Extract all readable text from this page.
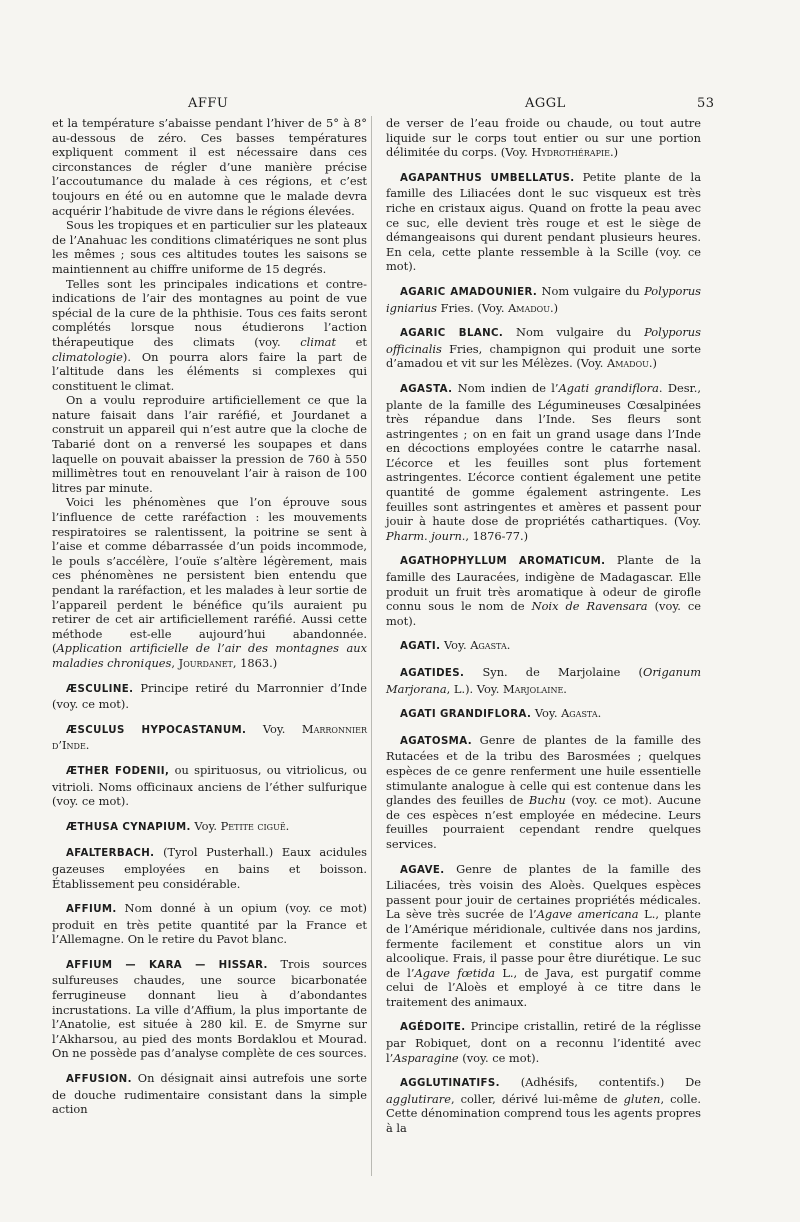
AFFU	AGGL	53

et la température s’abaisse pendant l’hiver de 5° à 8° au-dessous de zéro. Ces basses températures expliquent comment il est nécessaire dans ces circonstances de régler d’une manière précise l’accoutumance du malade à ces régions, et c’est toujours en été ou en automne que le malade devra acquérir l’habitude de vivre dans le régions élevées.

Sous les tropiques et en particulier sur les plateaux de l’Anahuac les conditions climatériques ne sont plus les mêmes ; sous ces altitudes toutes les saisons se maintiennent au chiffre uniforme de 15 degrés.

Telles sont les principales indications et contre-indications de l’air des montagnes au point de vue spécial de la cure de la phthisie. Tous ces faits seront complétés lorsque nous étudierons l’action thérapeutique des climats (voy. climat et climatologie). On pourra alors faire la part de l’altitude dans les éléments si complexes qui constituent le climat.

On a voulu reproduire artificiellement ce que la nature faisait dans l’air raréfié, et Jourdanet a construit un appareil qui n’est autre que la cloche de Tabarié dont on a renversé les soupapes et dans laquelle on pouvait abaisser la pression de 760 à 550 millimètres tout en renouvelant l’air à raison de 100 litres par minute.

Voici les phénomènes que l’on éprouve sous l’influence de cette raréfaction : les mouvements respiratoires se ralentissent, la poitrine se sent à l’aise et comme débarrassée d’un poids incommode, le pouls s’accélère, l’ouïe s’altère légèrement, mais ces phénomènes ne persistent bien entendu que pendant la raréfaction, et les malades à leur sortie de l’appareil perdent le bénéfice qu’ils auraient pu retirer de cet air artificiellement raréfié. Aussi cette méthode est-elle aujourd’hui abandonnée. (Application artificielle de l’air des montagnes aux maladies chroniques, Jourdanet, 1863.)

ÆSCULINE. Principe retiré du Marronnier d’Inde (voy. ce mot).

ÆSCULUS HYPOCASTANUM. Voy. Marronnier d’Inde.

ÆTHER FODENII, ou spirituosus, ou vitriolicus, ou vitrioli. Noms officinaux anciens de l’éther sulfurique (voy. ce mot).

ÆTHUSA CYNAPIUM. Voy. Petite ciguë.

AFALTERBACH. (Tyrol Pusterhall.) Eaux acidules gazeuses employées en bains et boisson. Établissement peu considérable.

AFFIUM. Nom donné à un opium (voy. ce mot) produit en très petite quantité par la France et l’Allemagne. On le retire du Pavot blanc.

AFFIUM — KARA — HISSAR. Trois sources sulfureuses chaudes, une source bicarbonatée ferrugineuse donnant lieu à d’abondantes incrustations. La ville d’Affium, la plus importante de l’Anatolie, est située à 280 kil. E. de Smyrne sur l’Akharsou, au pied des monts Bordaklou et Mourad. On ne possède pas d’analyse complète de ces sources.

AFFUSION. On désignait ainsi autrefois une sorte de douche rudimentaire consistant dans la simple action

de verser de l’eau froide ou chaude, ou tout autre liquide sur le corps tout entier ou sur une portion délimitée du corps. (Voy. Hydrothérapie.)

AGAPANTHUS UMBELLATUS. Petite plante de la famille des Liliacées dont le suc visqueux est très riche en cristaux aigus. Quand on frotte la peau avec ce suc, elle devient très rouge et est le siège de démangeaisons qui durent pendant plusieurs heures. En cela, cette plante ressemble à la Scille (voy. ce mot).

AGARIC AMADOUNIER. Nom vulgaire du Polyporus igniarius Fries. (Voy. Amadou.)

AGARIC BLANC. Nom vulgaire du Polyporus officinalis Fries, champignon qui produit une sorte d’amadou et vit sur les Mélèzes. (Voy. Amadou.)

AGASTA. Nom indien de l’Agati grandiflora. Desr., plante de la famille des Légumineuses Cœsalpinées très répandue dans l’Inde. Ses fleurs sont astringentes ; on en fait un grand usage dans l’Inde en décoctions employées contre le catarrhe nasal. L’écorce et les feuilles sont plus fortement astringentes. L’écorce contient également une petite quantité de gomme également astringente. Les feuilles sont astringentes et amères et passent pour jouir à haute dose de propriétés cathartiques. (Voy. Pharm. journ., 1876-77.)

AGATHOPHYLLUM AROMATICUM. Plante de la famille des Lauracées, indigène de Madagascar. Elle produit un fruit très aromatique à odeur de girofle connu sous le nom de Noix de Ravensara (voy. ce mot).

AGATI. Voy. Agasta.

AGATIDES. Syn. de Marjolaine (Origanum Marjorana, L.). Voy. Marjolaine.

AGATI GRANDIFLORA. Voy. Agasta.

AGATOSMA. Genre de plantes de la famille des Rutacées et de la tribu des Barosmées ; quelques espèces de ce genre renferment une huile essentielle stimulante analogue à celle qui est contenue dans les glandes des feuilles de Buchu (voy. ce mot). Aucune de ces espèces n’est employée en médecine. Leurs feuilles pourraient cependant rendre quelques services.

AGAVE. Genre de plantes de la famille des Liliacées, très voisin des Aloès. Quelques espèces passent pour jouir de certaines propriétés médicales. La sève très sucrée de l’Agave americana L., plante de l’Amérique méridionale, cultivée dans nos jardins, fermente facilement et constitue alors un vin alcoolique. Frais, il passe pour être diurétique. Le suc de l’Agave fœtida L., de Java, est purgatif comme celui de l’Aloès et employé à ce titre dans le traitement des animaux.

AGÉDOITE. Principe cristallin, retiré de la réglisse par Robiquet, dont on a reconnu l’identité avec l’Asparagine (voy. ce mot).

AGGLUTINATIFS. (Adhésifs, contentifs.) De agglutirare, coller, dérivé lui-même de gluten, colle. Cette dénomination comprend tous les agents propres à la
